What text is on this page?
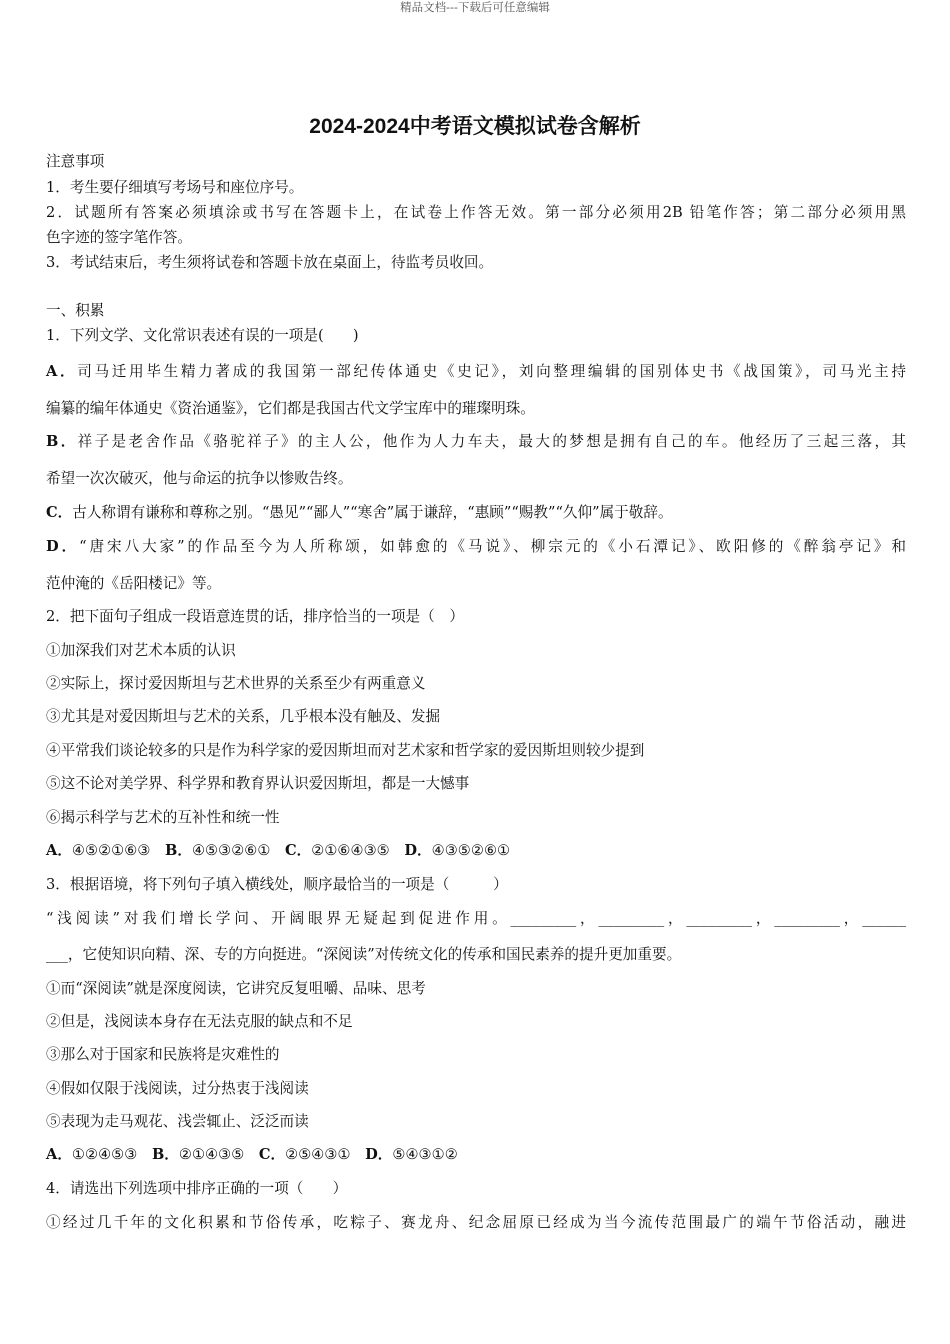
精品文档---下载后可任意编辑
2024-2024中考语文模拟试卷含解析
注意事项
1．考生要仔细填写考场号和座位序号。
2．试题所有答案必须填涂或书写在答题卡上，在试卷上作答无效。第一部分必须用2B 铅笔作答；第二部分必须用黑
色字迹的签字笔作答。
3．考试结束后，考生须将试卷和答题卡放在桌面上，待监考员收回。
一、积累
1．下列文学、文化常识表述有误的一项是(　　)
A．司马迁用毕生精力著成的我国第一部纪传体通史《史记》，刘向整理编辑的国别体史书《战国策》，司马光主持
编纂的编年体通史《资治通鉴》，它们都是我国古代文学宝库中的璀璨明珠。
B．祥子是老舍作品《骆驼祥子》的主人公，他作为人力车夫，最大的梦想是拥有自己的车。他经历了三起三落，其
希望一次次破灭，他与命运的抗争以惨败告终。
C．古人称谓有谦称和尊称之别。“愚见”“鄙人”“寒舍”属于谦辞，“惠顾”“赐教”“久仰”属于敬辞。
D．“唐宋八大家”的作品至今为人所称颂，如韩愈的《马说》、柳宗元的《小石潭记》、欧阳修的《醉翁亭记》和
范仲淹的《岳阳楼记》等。
2．把下面句子组成一段语意连贯的话，排序恰当的一项是（　）
①加深我们对艺术本质的认识
②实际上，探讨爱因斯坦与艺术世界的关系至少有两重意义
③尤其是对爱因斯坦与艺术的关系，几乎根本没有触及、发掘
④平常我们谈论较多的只是作为科学家的爱因斯坦而对艺术家和哲学家的爱因斯坦则较少提到
⑤这不论对美学界、科学界和教育界认识爱因斯坦，都是一大憾事
⑥揭示科学与艺术的互补性和统一性
A．④⑤②①⑥③  B．④⑤③②⑥①  C．②①⑥④③⑤  D．④③⑤②⑥①
3．根据语境，将下列句子填入横线处，顺序最恰当的一项是（　　　）
“浅阅读”对我们增长学问、开阔眼界无疑起到促进作用。_________，_________，_________，_________，______
___，它使知识向精、深、专的方向挺进。“深阅读”对传统文化的传承和国民素养的提升更加重要。
①而“深阅读”就是深度阅读，它讲究反复咀嚼、品味、思考
②但是，浅阅读本身存在无法克服的缺点和不足
③那么对于国家和民族将是灾难性的
④假如仅限于浅阅读，过分热衷于浅阅读
⑤表现为走马观花、浅尝辄止、泛泛而读
A．①②④⑤③  B．②①④③⑤  C．②⑤④③①  D．⑤④③①②
4．请选出下列选项中排序正确的一项（　　）
①经过几千年的文化积累和节俗传承，吃粽子、赛龙舟、纪念屈原已经成为当今流传范围最广的端午节俗活动，融进
